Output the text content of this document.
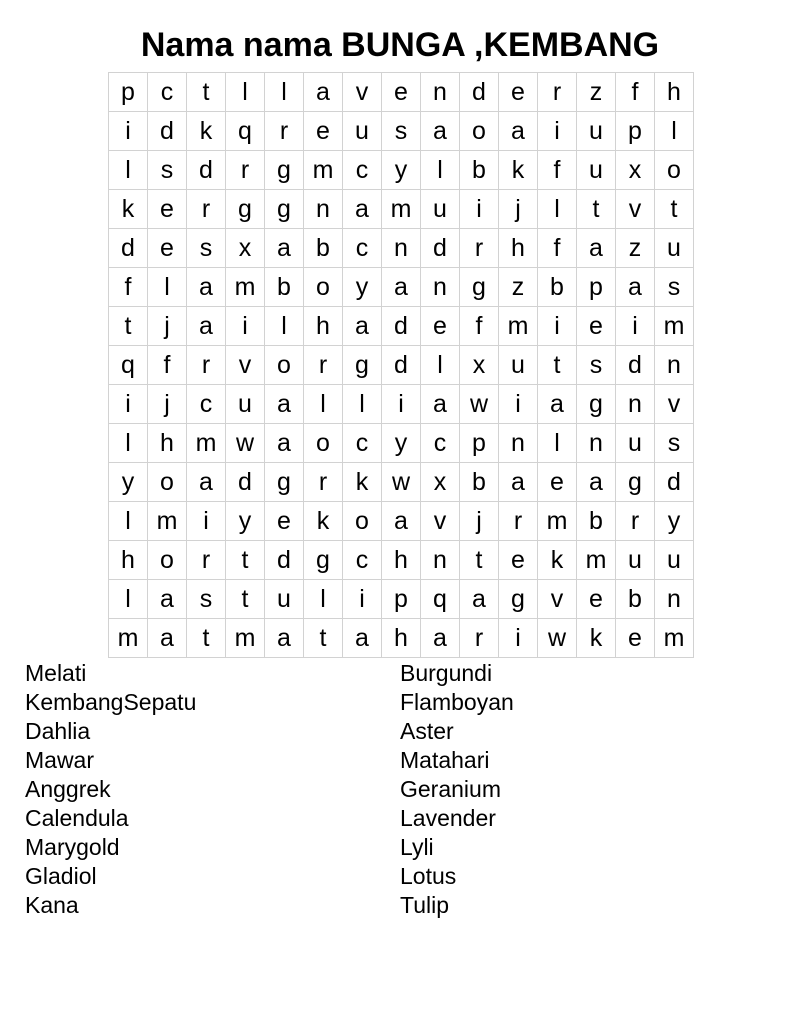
Nama nama BUNGA ,KEMBANG
p	c	t	l	l	a	v	e	n	d	e	r	z	f	h
i	d	k	q	r	e	u	s	a	o	a	i	u	p	l
l	s	d	r	g	m	c	y	l	b	k	f	u	x	o
k	e	r	g	g	n	a	m	u	i	j	l	t	v	t
d	e	s	x	a	b	c	n	d	r	h	f	a	z	u
f	l	a	m	b	o	y	a	n	g	z	b	p	a	s
t	j	a	i	l	h	a	d	e	f	m	i	e	i	m
q	f	r	v	o	r	g	d	l	x	u	t	s	d	n
i	j	c	u	a	l	l	i	a	w	i	a	g	n	v
l	h	m	w	a	o	c	y	c	p	n	l	n	u	s
y	o	a	d	g	r	k	w	x	b	a	e	a	g	d
l	m	i	y	e	k	o	a	v	j	r	m	b	r	y
h	o	r	t	d	g	c	h	n	t	e	k	m	u	u
l	a	s	t	u	l	i	p	q	a	g	v	e	b	n
m	a	t	m	a	t	a	h	a	r	i	w	k	e	m
Melati
KembangSepatu
Dahlia
Mawar
Anggrek
Calendula
Marygold
Gladiol
Kana
Burgundi
Flamboyan
Aster
Matahari
Geranium
Lavender
Lyli
Lotus
Tulip
